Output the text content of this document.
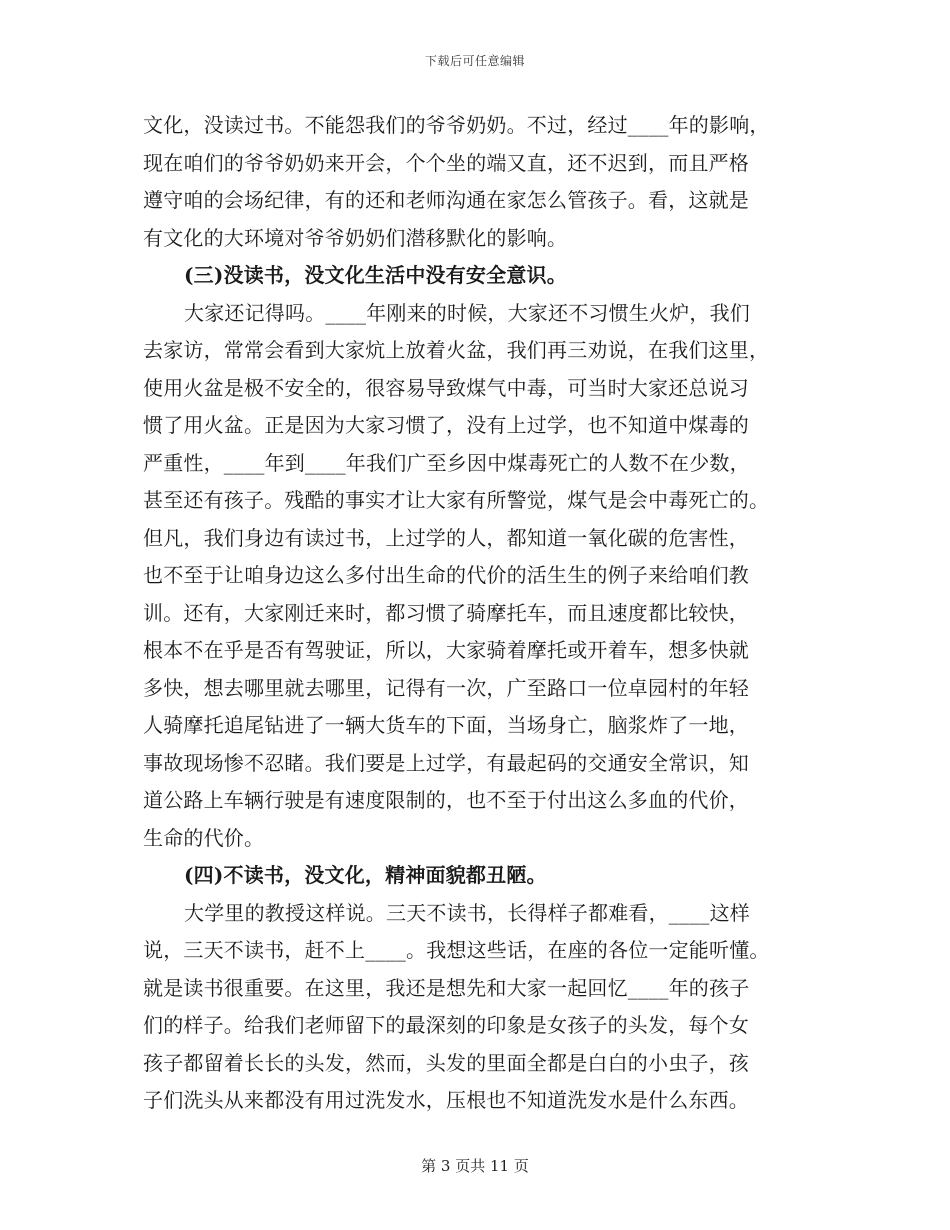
下载后可任意编辑
文化，没读过书。不能怨我们的爷爷奶奶。不过，经过____年的影响，
现在咱们的爷爷奶奶来开会，个个坐的端又直，还不迟到，而且严格
遵守咱的会场纪律，有的还和老师沟通在家怎么管孩子。看，这就是
有文化的大环境对爷爷奶奶们潜移默化的影响。
(三)没读书，没文化生活中没有安全意识。
大家还记得吗。____年刚来的时候，大家还不习惯生火炉，我们
去家访，常常会看到大家炕上放着火盆，我们再三劝说，在我们这里，
使用火盆是极不安全的，很容易导致煤气中毒，可当时大家还总说习
惯了用火盆。正是因为大家习惯了，没有上过学，也不知道中煤毒的
严重性，____年到____年我们广至乡因中煤毒死亡的人数不在少数，
甚至还有孩子。残酷的事实才让大家有所警觉，煤气是会中毒死亡的。
但凡，我们身边有读过书，上过学的人，都知道一氧化碳的危害性，
也不至于让咱身边这么多付出生命的代价的活生生的例子来给咱们教
训。还有，大家刚迁来时，都习惯了骑摩托车，而且速度都比较快，
根本不在乎是否有驾驶证，所以，大家骑着摩托或开着车，想多快就
多快，想去哪里就去哪里，记得有一次，广至路口一位卓园村的年轻
人骑摩托追尾钻进了一辆大货车的下面，当场身亡，脑浆炸了一地，
事故现场惨不忍睹。我们要是上过学，有最起码的交通安全常识，知
道公路上车辆行驶是有速度限制的，也不至于付出这么多血的代价，
生命的代价。
(四)不读书，没文化，精神面貌都丑陋。
大学里的教授这样说。三天不读书，长得样子都难看，____这样
说，三天不读书，赶不上____。我想这些话，在座的各位一定能听懂。
就是读书很重要。在这里，我还是想先和大家一起回忆____年的孩子
们的样子。给我们老师留下的最深刻的印象是女孩子的头发，每个女
孩子都留着长长的头发，然而，头发的里面全都是白白的小虫子，孩
子们洗头从来都没有用过洗发水，压根也不知道洗发水是什么东西。
第 3 页共 11 页
